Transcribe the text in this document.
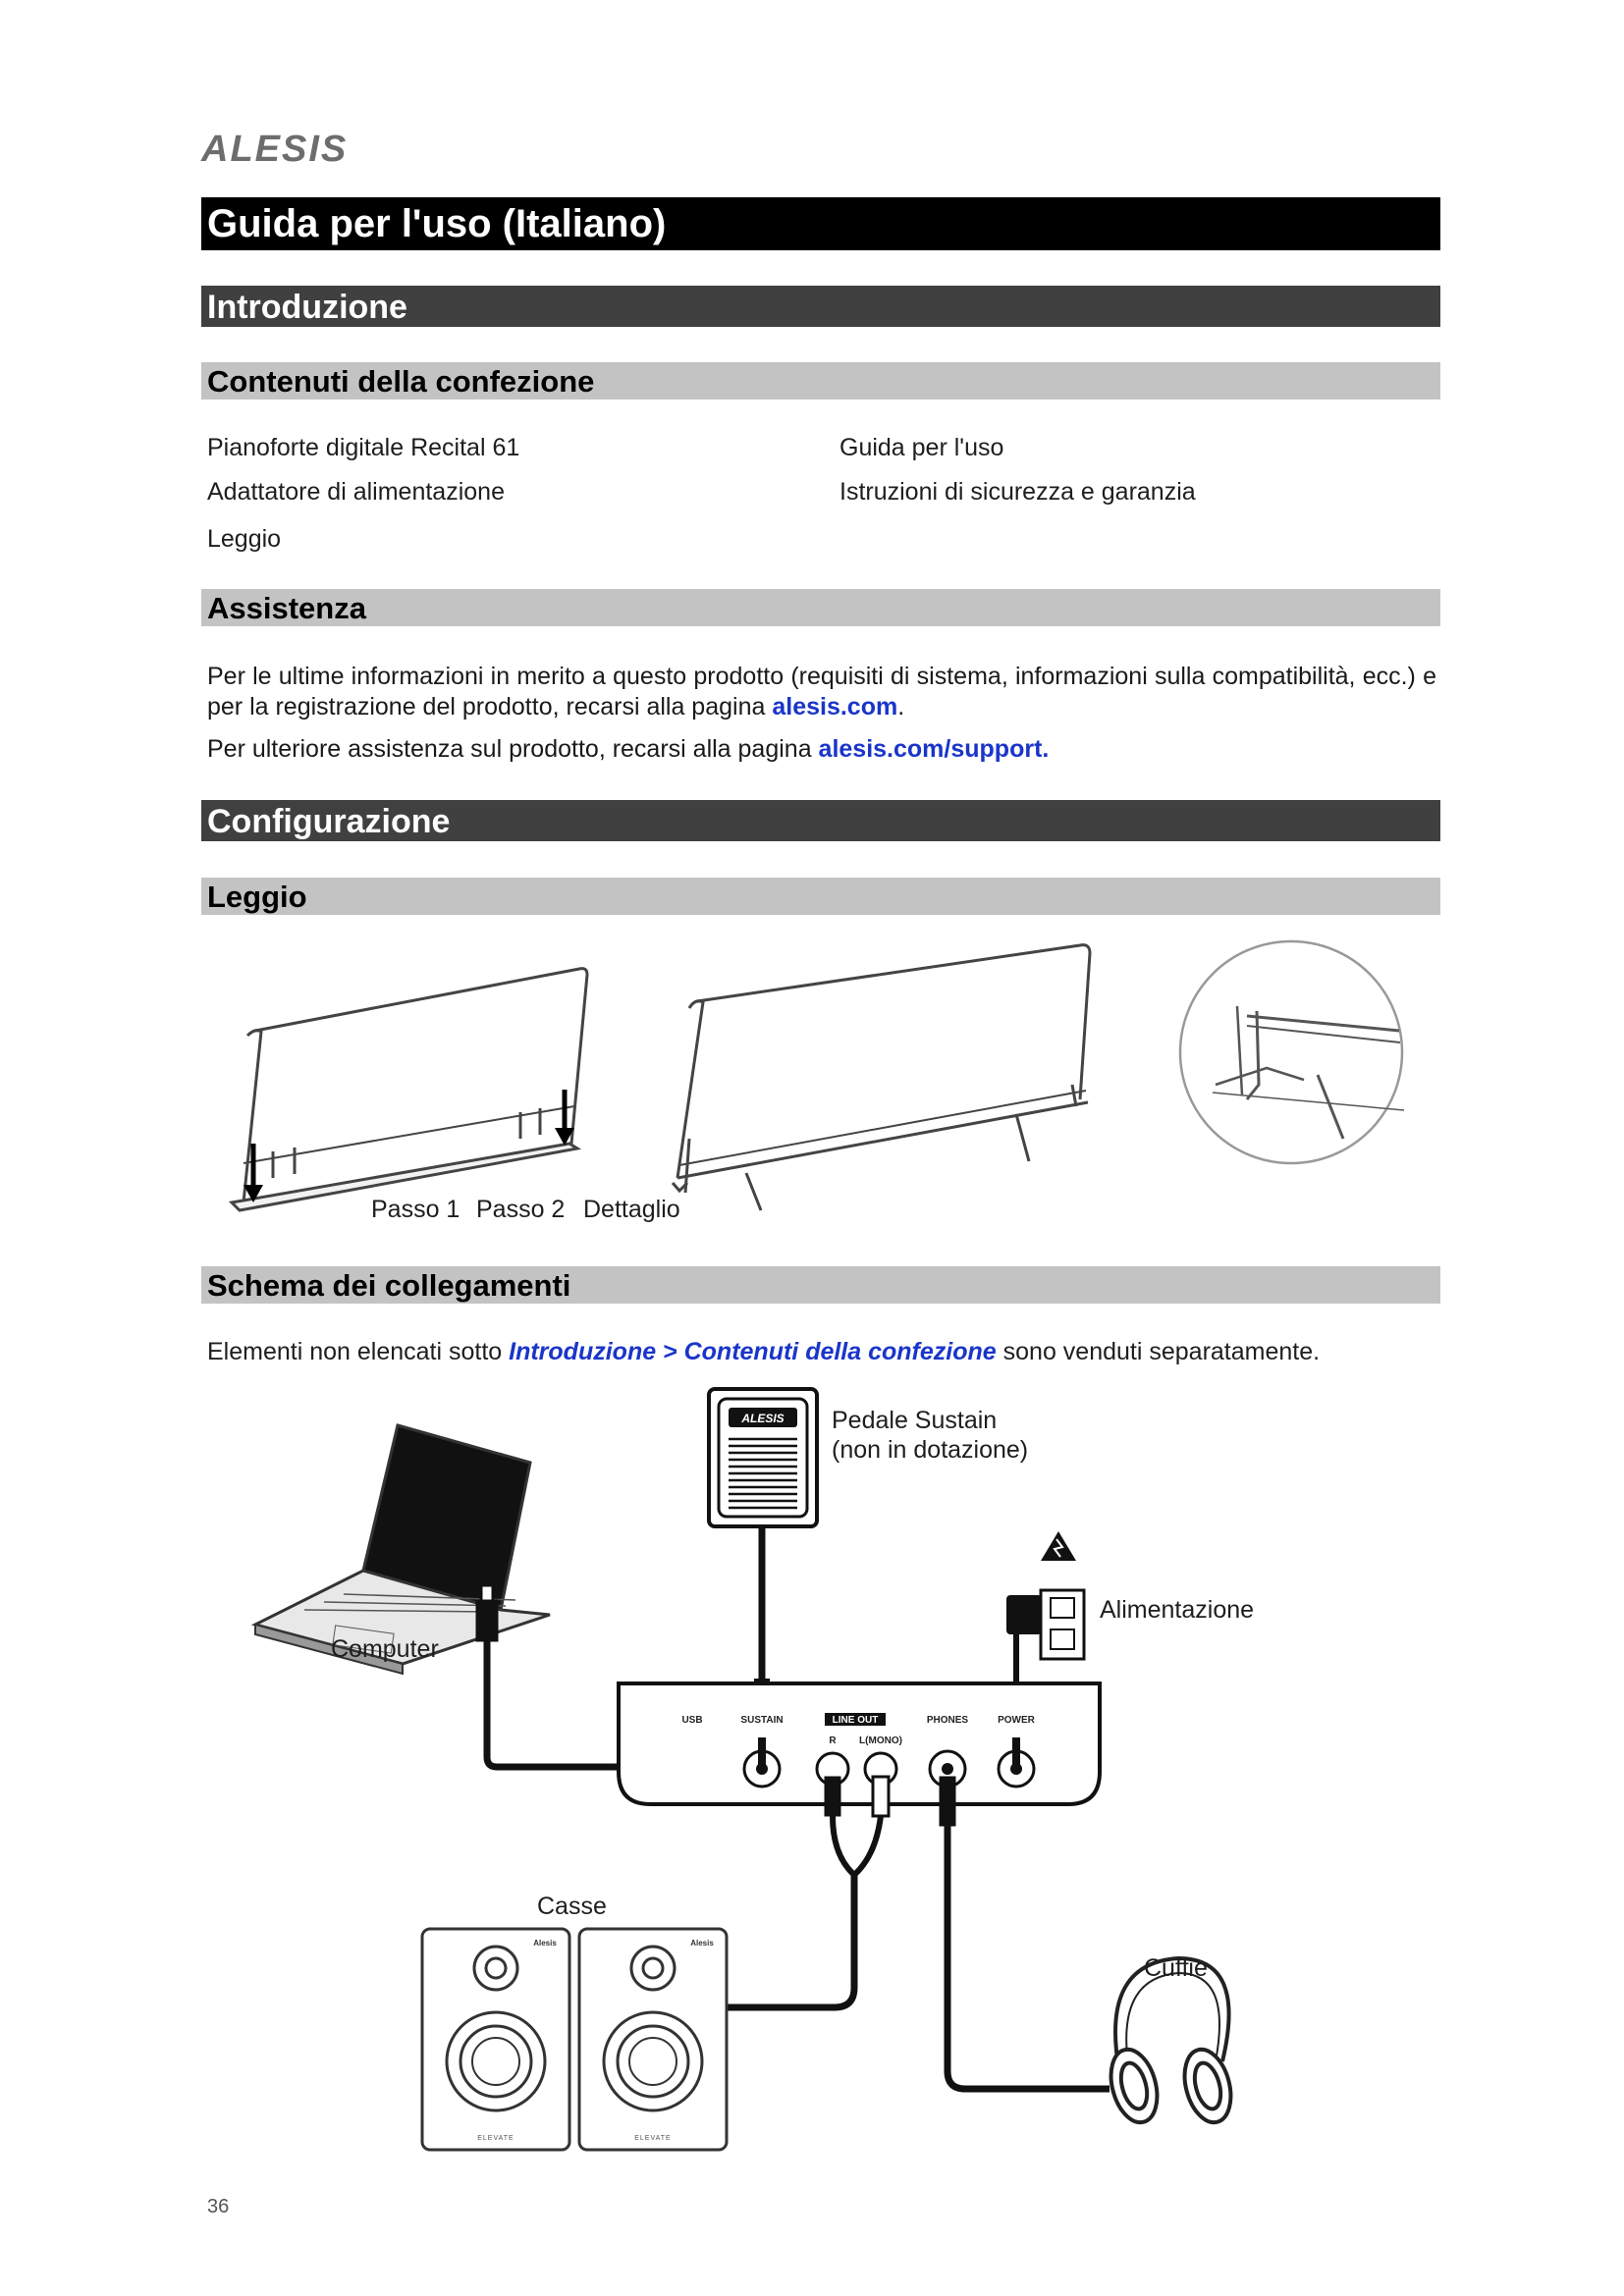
ALESIS
Guida per l'uso (Italiano)
Introduzione
Contenuti della confezione
Pianoforte digitale Recital 61
Adattatore di alimentazione
Leggio
Guida per l'uso
Istruzioni di sicurezza e garanzia
Assistenza
Per le ultime informazioni in merito a questo prodotto (requisiti di sistema, informazioni sulla compatibilità, ecc.) e per la registrazione del prodotto, recarsi alla pagina alesis.com.
Per ulteriore assistenza sul prodotto, recarsi alla pagina alesis.com/support.
Configurazione
Leggio
Passo 1 Passo 2 Dettaglio
Schema dei collegamenti
Elementi non elencati sotto Introduzione > Contenuti della confezione sono venduti separatamente.
ALESIS
USB	SUSTAIN	LINE OUT
R L(MONO)
PHONES	POWER
Alesis
ELEVATE
Alesis
ELEVATE
Pedale Sustain
(non in dotazione)
Alimentazione
Computer
Casse
Cuffie
36
